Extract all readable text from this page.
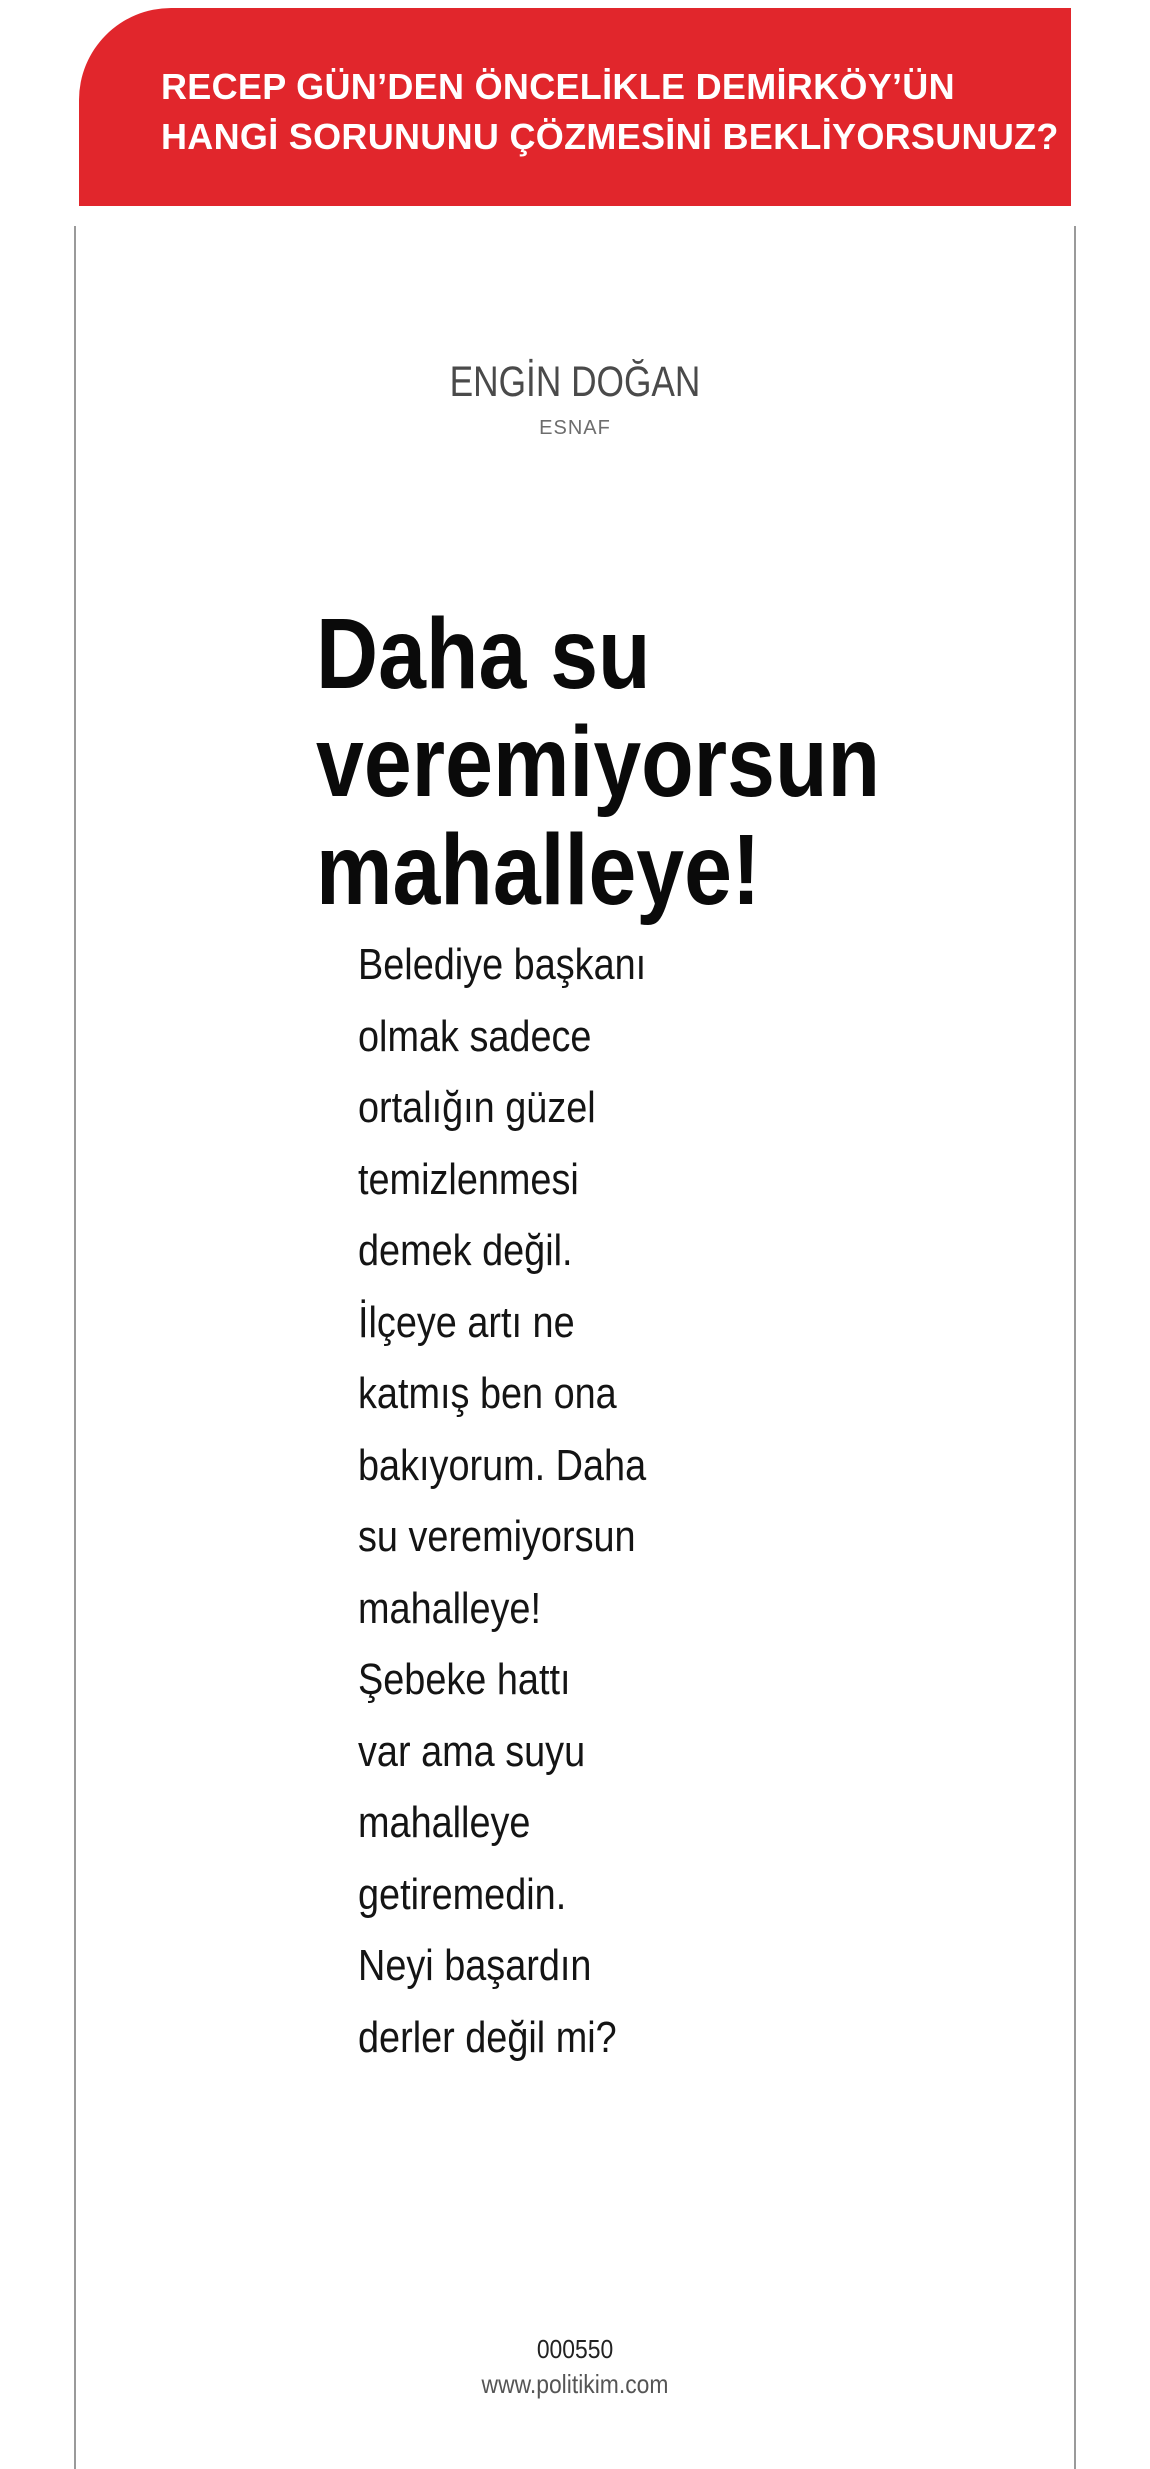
RECEP GÜN’DEN ÖNCELİKLE DEMİRKÖY’ÜN
HANGİ SORUNUNU ÇÖZMESİNİ BEKLİYORSUNUZ?
ENGİN DOĞAN
ESNAF
Daha su
veremiyorsun
mahalleye!
Belediye başkanı
olmak sadece
ortalığın güzel
temizlenmesi
demek değil.
İlçeye artı ne
katmış ben ona
bakıyorum. Daha
su veremiyorsun
mahalleye!
Şebeke hattı
var ama suyu
mahalleye
getiremedin.
Neyi başardın
derler değil mi?
000550
www.politikim.com
